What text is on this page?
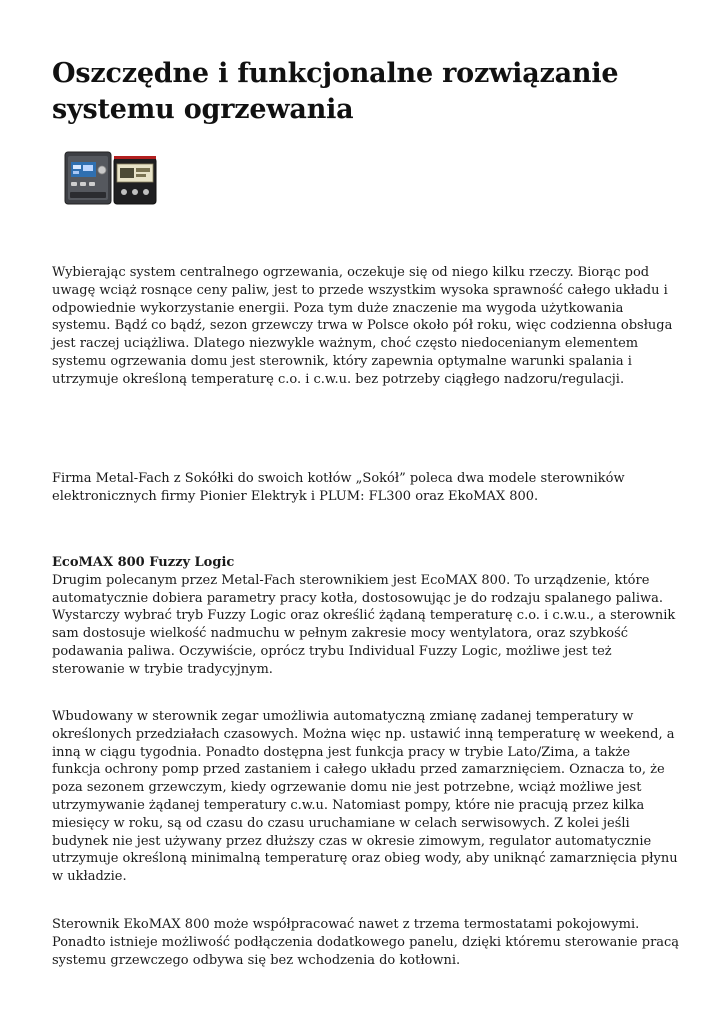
Oszczędne i funkcjonalne rozwiązanie systemu ogrzewania

Wybierając system centralnego ogrzewania, oczekuje się od niego kilku rzeczy. Biorąc pod uwagę wciąż rosnące ceny paliw, jest to przede wszystkim wysoka sprawność całego układu i odpowiednie wykorzystanie energii. Poza tym duże znaczenie ma wygoda użytkowania systemu. Bądź co bądź, sezon grzewczy trwa w Polsce około pół roku, więc codzienna obsługa jest raczej uciążliwa. Dlatego niezwykle ważnym, choć często niedocenianym elementem systemu ogrzewania domu jest sterownik, który zapewnia optymalne warunki spalania i utrzymuje określoną temperaturę c.o. i c.w.u. bez potrzeby ciągłego nadzoru/regulacji.

Firma Metal-Fach z Sokółki do swoich kotłów „Sokół” poleca dwa modele sterowników elektronicznych firmy Pionier Elektryk i PLUM: FL300 oraz EkoMAX 800.

EcoMAX 800 Fuzzy Logic
Drugim polecanym przez Metal-Fach sterownikiem jest EcoMAX 800. To urządzenie, które automatycznie dobiera parametry pracy kotła, dostosowując je do rodzaju spalanego paliwa. Wystarczy wybrać tryb Fuzzy Logic oraz określić żądaną temperaturę c.o. i c.w.u., a sterownik sam dostosuje wielkość nadmuchu w pełnym zakresie mocy wentylatora, oraz szybkość podawania paliwa. Oczywiście, oprócz trybu Individual Fuzzy Logic, możliwe jest też sterowanie w trybie tradycyjnym.

Wbudowany w sterownik zegar umożliwia automatyczną zmianę zadanej temperatury w określonych przedziałach czasowych. Można więc np. ustawić inną temperaturę w weekend, a inną w ciągu tygodnia. Ponadto dostępna jest funkcja pracy w trybie Lato/Zima, a także funkcja ochrony pomp przed zastaniem i całego układu przed zamarznięciem. Oznacza to, że poza sezonem grzewczym, kiedy ogrzewanie domu nie jest potrzebne, wciąż możliwe jest utrzymywanie żądanej temperatury c.w.u. Natomiast pompy, które nie pracują przez kilka miesięcy w roku, są od czasu do czasu uruchamiane w celach serwisowych. Z kolei jeśli budynek nie jest używany przez dłuższy czas w okresie zimowym, regulator automatycznie utrzymuje określoną minimalną temperaturę oraz obieg wody, aby uniknąć zamarznięcia płynu w układzie.

Sterownik EkoMAX 800 może współpracować nawet z trzema termostatami pokojowymi. Ponadto istnieje możliwość podłączenia dodatkowego panelu, dzięki któremu sterowanie pracą systemu grzewczego odbywa się bez wchodzenia do kotłowni.
